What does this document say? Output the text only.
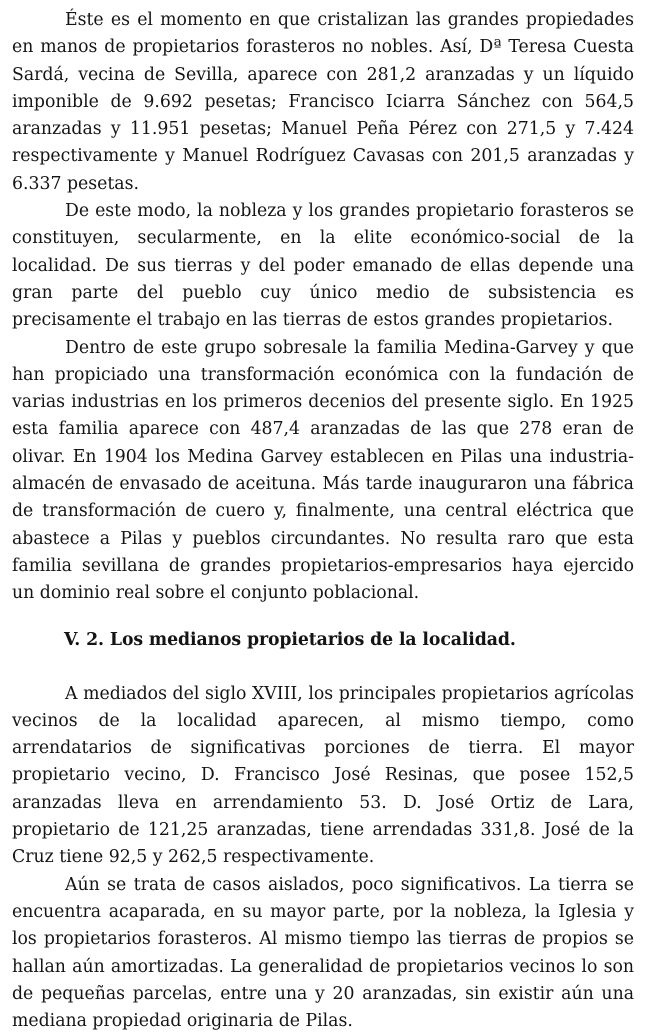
Éste es el momento en que cristalizan las grandes propiedades en manos de propietarios forasteros no nobles. Así, Dª Teresa Cuesta Sardá, vecina de Sevilla, aparece con 281,2 aranzadas y un líquido imponible de 9.692 pesetas; Francisco Iciarra Sánchez con 564,5 aranzadas y 11.951 pesetas; Manuel Peña Pérez con 271,5 y 7.424 respectivamente y Manuel Rodríguez Cavasas con 201,5 aranzadas y 6.337 pesetas.

De este modo, la nobleza y los grandes propietario forasteros se constituyen, secularmente, en la elite económico-social de la localidad. De sus tierras y del poder emanado de ellas depende una gran parte del pueblo cuy único medio de subsistencia es precisamente el trabajo en las tierras de estos grandes propietarios.

Dentro de este grupo sobresale la familia Medina-Garvey y que han propiciado una transformación económica con la fundación de varias industrias en los primeros decenios del presente siglo. En 1925 esta familia aparece con 487,4 aranzadas de las que 278 eran de olivar. En 1904 los Medina Garvey establecen en Pilas una industria-almacén de envasado de aceituna. Más tarde inauguraron una fábrica de transformación de cuero y, finalmente, una central eléctrica que abastece a Pilas y pueblos circundantes. No resulta raro que esta familia sevillana de grandes propietarios-empresarios haya ejercido un dominio real sobre el conjunto poblacional.

V. 2. Los medianos propietarios de la localidad.

A mediados del siglo XVIII, los principales propietarios agrícolas vecinos de la localidad aparecen, al mismo tiempo, como arrendatarios de significativas porciones de tierra. El mayor propietario vecino, D. Francisco José Resinas, que posee 152,5 aranzadas lleva en arrendamiento 53. D. José Ortiz de Lara, propietario de 121,25 aranzadas, tiene arrendadas 331,8. José de la Cruz tiene 92,5 y 262,5 respectivamente.

Aún se trata de casos aislados, poco significativos. La tierra se encuentra acaparada, en su mayor parte, por la nobleza, la Iglesia y los propietarios forasteros. Al mismo tiempo las tierras de propios se hallan aún amortizadas. La generalidad de propietarios vecinos lo son de pequeñas parcelas, entre una y 20 aranzadas, sin existir aún una mediana propiedad originaria de Pilas.
